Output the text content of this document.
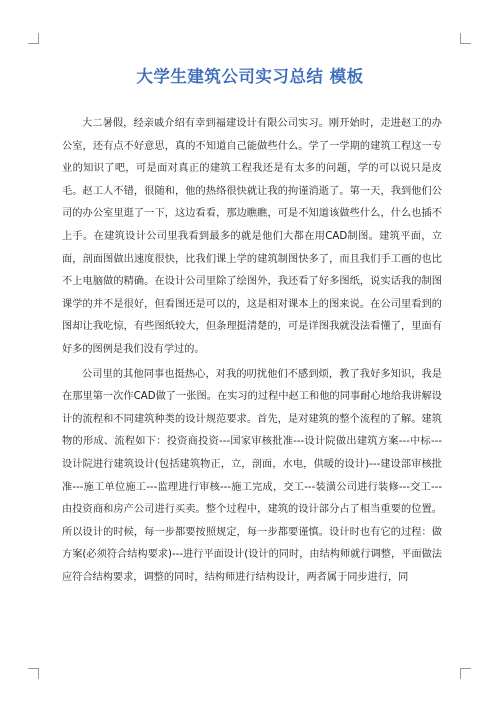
大学生建筑公司实习总结 模板

大二暑假，经亲戚介绍有幸到福建设计有限公司实习。刚开始时，走进赵工的办公室，还有点不好意思，真的不知道自己能做些什么。学了一学期的建筑工程这一专业的知识了吧，可是面对真正的建筑工程我还是有太多的问题，学的可以说只是皮毛。赵工人不错，很随和，他的热络很快就让我的拘谨消逝了。第一天，我到他们公司的办公室里逛了一下，这边看看，那边瞧瞧，可是不知道该做些什么，什么也插不上手。在建筑设计公司里我看到最多的就是他们大都在用CAD制图。建筑平面，立面，剖面图做出速度很快，比我们课上学的建筑制图快多了，而且我们手工画的也比不上电脑做的精确。在设计公司里除了绘图外，我还看了好多图纸，说实话我的制图课学的并不是很好，但看图还是可以的，这是相对课本上的图来说。在公司里看到的图却让我吃惊，有些图纸较大，但条理挺清楚的，可是详图我就没法看懂了，里面有好多的图例是我们没有学过的。

公司里的其他同事也挺热心，对我的叨扰他们不感到烦，教了我好多知识，我是在那里第一次作CAD做了一张图。在实习的过程中赵工和他的同事耐心地给我讲解设计的流程和不同建筑种类的设计规范要求。首先，是对建筑的整个流程的了解。建筑物的形成、流程如下：投资商投资---国家审核批准---设计院做出建筑方案---中标---设计院进行建筑设计(包括建筑物正，立，剖面，水电，供暖的设计)---建设部审核批准---施工单位施工---监理进行审核---施工完成，交工---装潢公司进行装修---交工---由投资商和房产公司进行买卖。整个过程中，建筑的设计部分占了相当重要的位置。所以设计的时候，每一步都要按照规定，每一步都要谨慎。设计时也有它的过程：做方案(必须符合结构要求)---进行平面设计(设计的同时，由结构师就行调整，平面做法应符合结构要求，调整的同时，结构师进行结构设计，两者属于同步进行，同
